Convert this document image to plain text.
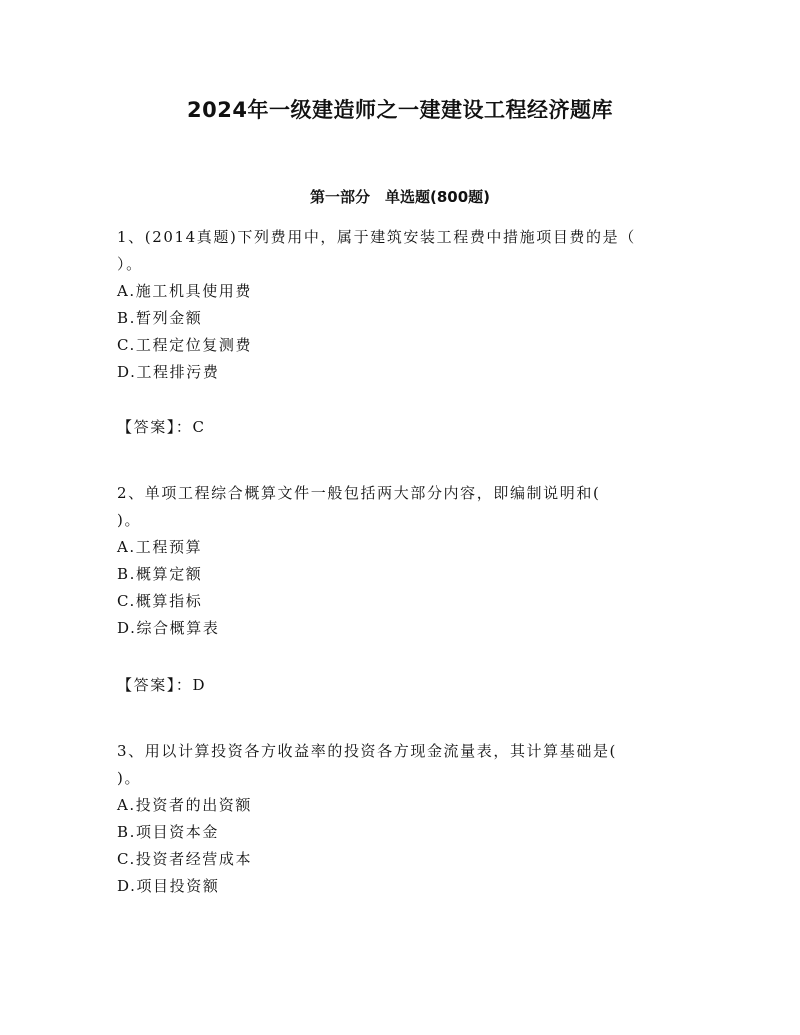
2024年一级建造师之一建建设工程经济题库
第一部分　单选题(800题)
1、(2014真题)下列费用中，属于建筑安装工程费中措施项目费的是（
）。
A.施工机具使用费
B.暂列金额
C.工程定位复测费
D.工程排污费
【答案】：C
2、单项工程综合概算文件一般包括两大部分内容，即编制说明和(
)。
A.工程预算
B.概算定额
C.概算指标
D.综合概算表
【答案】：D
3、用以计算投资各方收益率的投资各方现金流量表，其计算基础是(
)。
A.投资者的出资额
B.项目资本金
C.投资者经营成本
D.项目投资额
